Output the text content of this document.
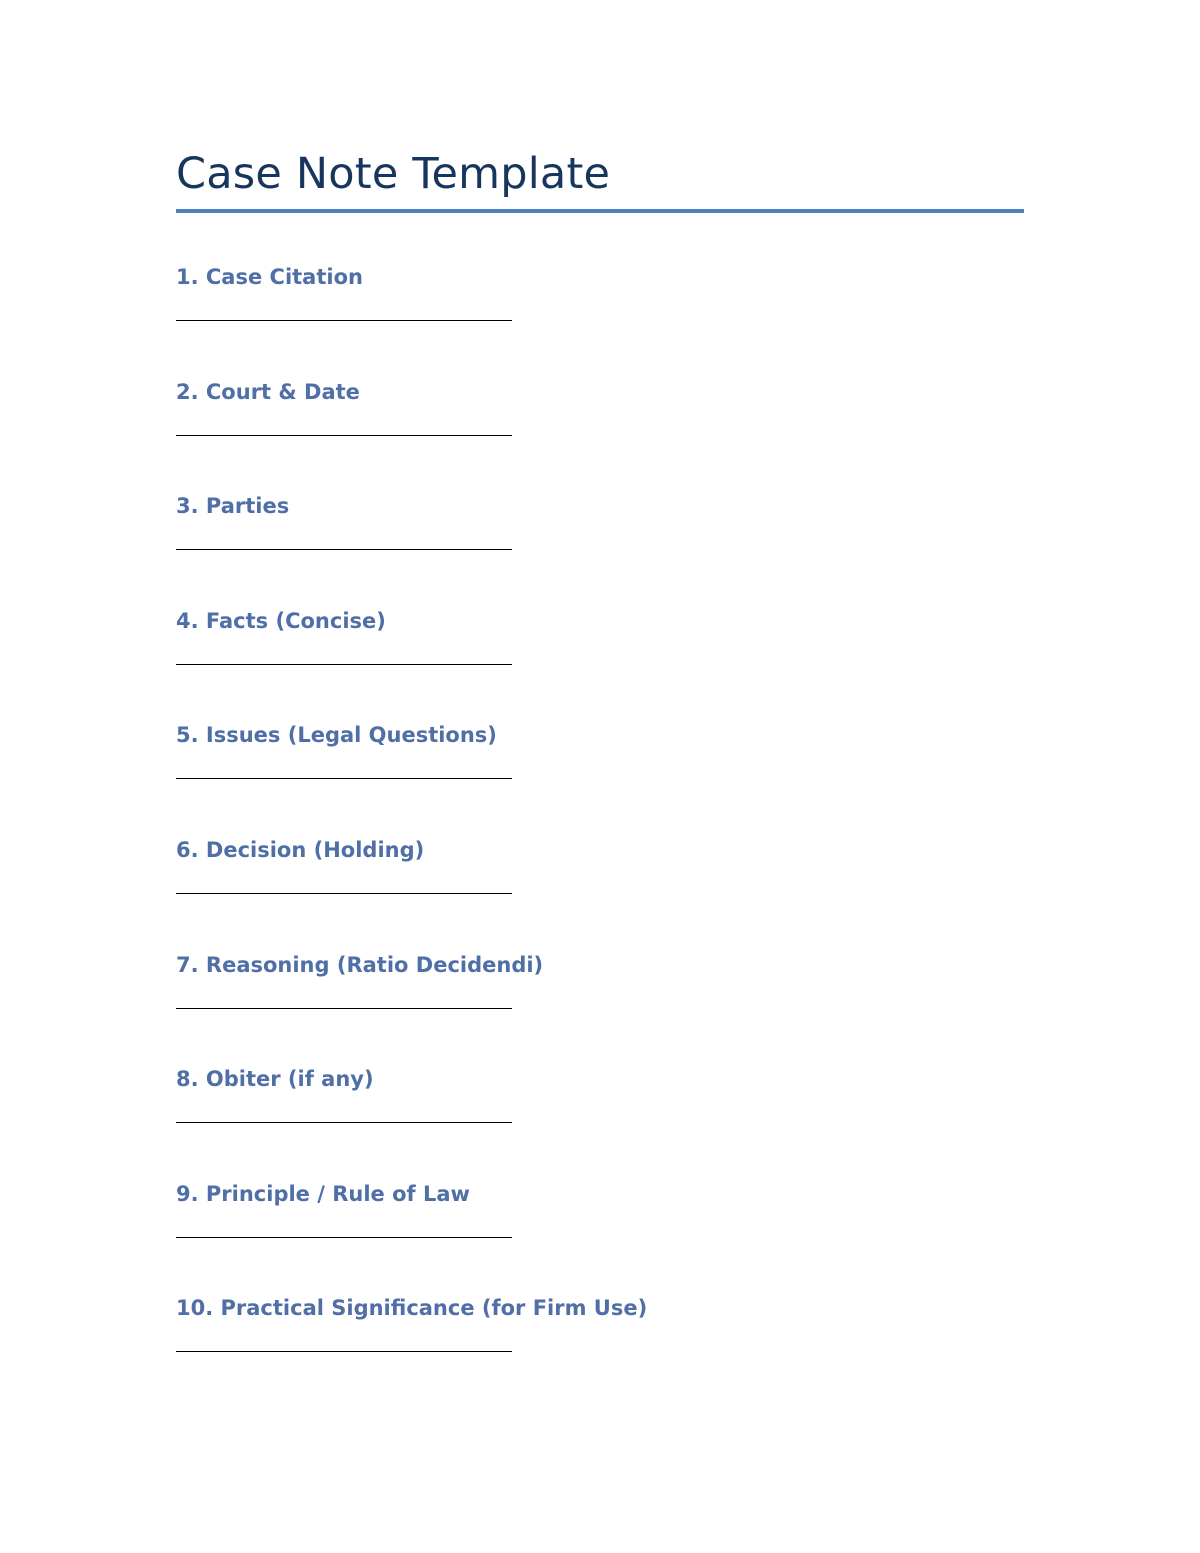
Case Note Template
1. Case Citation
2. Court & Date
3. Parties
4. Facts (Concise)
5. Issues (Legal Questions)
6. Decision (Holding)
7. Reasoning (Ratio Decidendi)
8. Obiter (if any)
9. Principle / Rule of Law
10. Practical Significance (for Firm Use)
